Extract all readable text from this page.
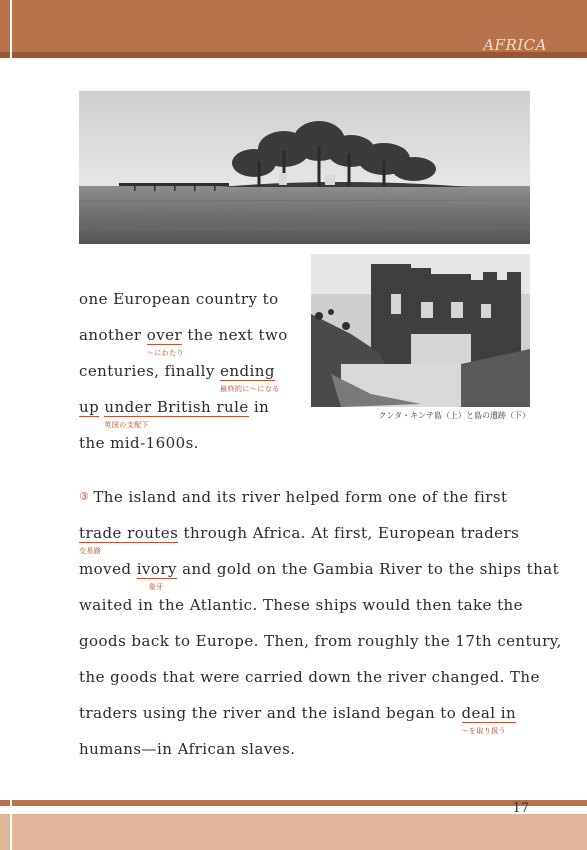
AFRICA
クンタ・キンテ島（上）と島の遺跡（下）
one European country to
another over
〜にわたり
the next two
centuries, finally ending
最終的に〜になる
up under British rule
英国の支配下
in
the mid-1600s.
③ The island and its river helped form one of the first
trade routes
交易路
through Africa. At first, European traders
moved ivory
象牙
and gold on the Gambia River to the ships that
waited in the Atlantic. These ships would then take the
goods back to Europe. Then, from roughly the 17th century,
the goods that were carried down the river changed. The
traders using the river and the island began to deal in
〜を取り扱う
humans—in African slaves.
17
